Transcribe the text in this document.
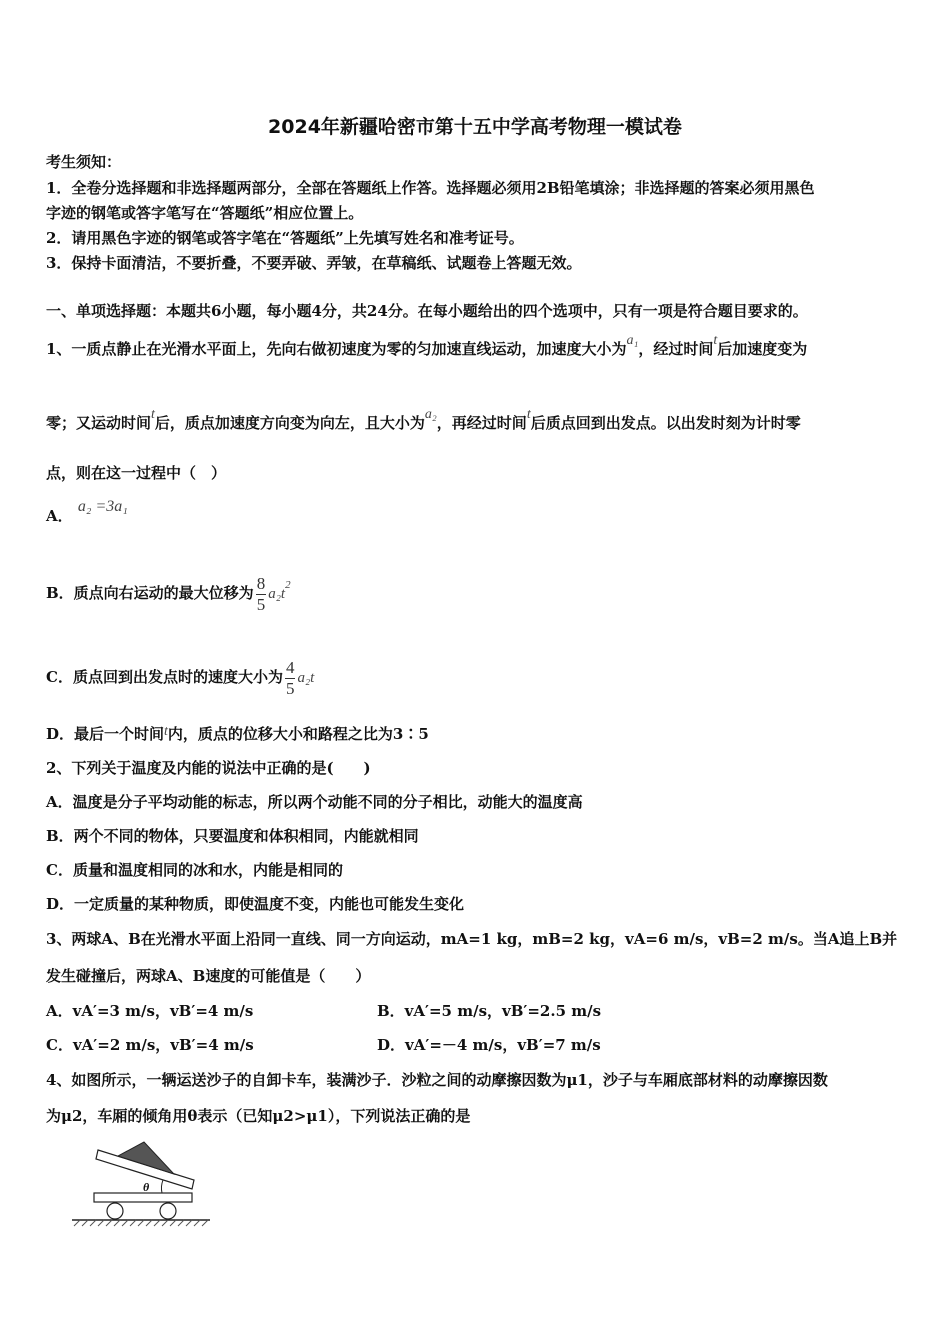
2024年新疆哈密市第十五中学高考物理一模试卷
考生须知：
1．全卷分选择题和非选择题两部分，全部在答题纸上作答。选择题必须用2B铅笔填涂；非选择题的答案必须用黑色
字迹的钢笔或答字笔写在“答题纸”相应位置上。
2．请用黑色字迹的钢笔或答字笔在“答题纸”上先填写姓名和准考证号。
3．保持卡面清洁，不要折叠，不要弄破、弄皱，在草稿纸、试题卷上答题无效。
一、单项选择题：本题共6小题，每小题4分，共24分。在每小题给出的四个选项中，只有一项是符合题目要求的。
1、一质点静止在光滑水平面上，先向右做初速度为零的匀加速直线运动，加速度大小为a₁，经过时间t后加速度变为
零；又运动时间t后，质点加速度方向变为向左，且大小为a₂，再经过时间t后质点回到出发点。以出发时刻为计时零
点，则在这一过程中（　）
A． a₂ =3a₁
B．质点向右运动的最大位移为 $\frac{8}{5} a_2t^2$
C．质点回到出发点时的速度大小为 $\frac{4}{5} a_2t$
D．最后一个时间t内，质点的位移大小和路程之比为3∶5
2、下列关于温度及内能的说法中正确的是(　　)
A．温度是分子平均动能的标志，所以两个动能不同的分子相比，动能大的温度高
B．两个不同的物体，只要温度和体积相同，内能就相同
C．质量和温度相同的冰和水，内能是相同的
D．一定质量的某种物质，即使温度不变，内能也可能发生变化
3、两球A、B在光滑水平面上沿同一直线、同一方向运动，mA=1 kg，mB=2 kg，vA=6 m/s，vB=2 m/s。当A追上B并
发生碰撞后，两球A、B速度的可能值是（　　）
A．vA′=3 m/s，vB′=4 m/s	B．vA′=5 m/s，vB′=2.5 m/s
C．vA′=2 m/s，vB′=4 m/s	D．vA′=－4 m/s，vB′=7 m/s
4、如图所示，一辆运送沙子的自卸卡车，装满沙子．沙粒之间的动摩擦因数为μ1，沙子与车厢底部材料的动摩擦因数
为μ2，车厢的倾角用θ表示（已知μ2>μ1），下列说法正确的是
θ
